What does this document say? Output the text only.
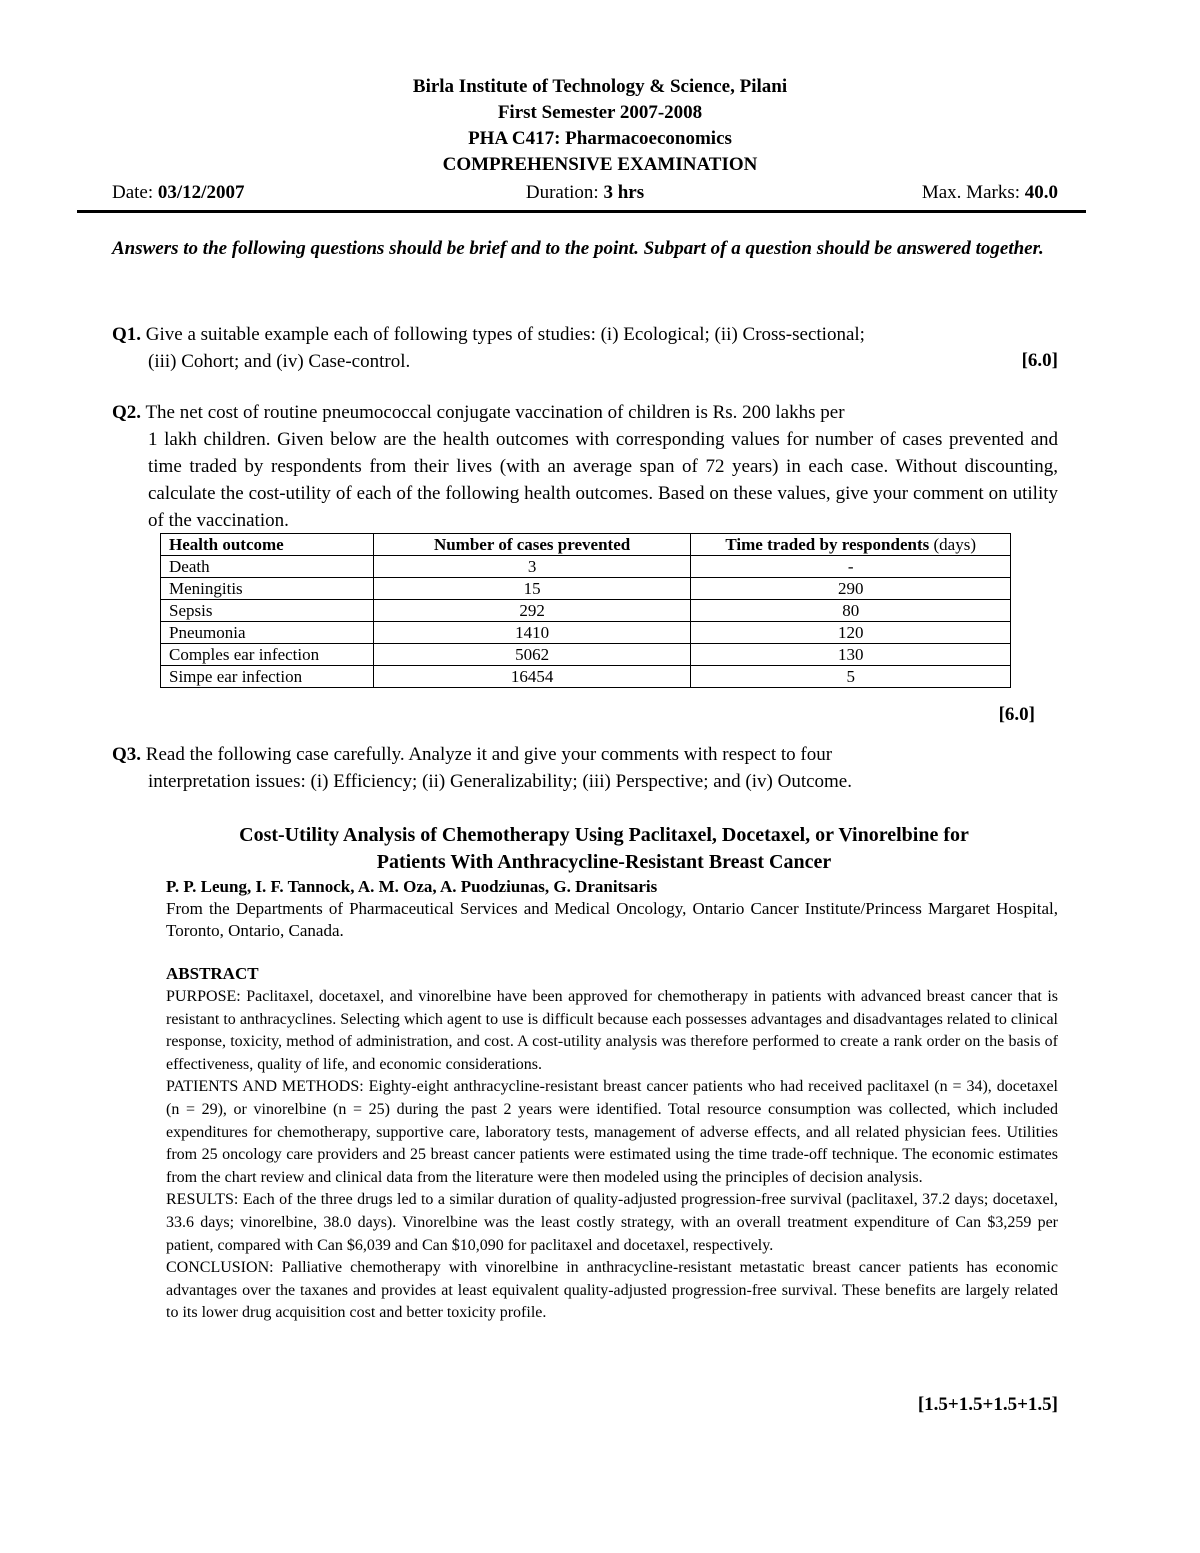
Birla Institute of Technology & Science, Pilani
First Semester 2007-2008
PHA C417: Pharmacoeconomics
COMPREHENSIVE EXAMINATION
Date: 03/12/2007	Duration: 3 hrs	Max. Marks: 40.0
Answers to the following questions should be brief and to the point. Subpart of a question should be answered together.
Q1. Give a suitable example each of following types of studies: (i) Ecological; (ii) Cross-sectional;
(iii) Cohort; and (iv) Case-control.	[6.0]
Q2. The net cost of routine pneumococcal conjugate vaccination of children is Rs. 200 lakhs per
1 lakh children. Given below are the health outcomes with corresponding values for number of cases prevented and time traded by respondents from their lives (with an average span of 72 years) in each case. Without discounting, calculate the cost-utility of each of the following health outcomes. Based on these values, give your comment on utility of the vaccination.
Health outcome	Number of cases prevented	Time traded by respondents (days)
Death	3	-
Meningitis	15	290
Sepsis	292	80
Pneumonia	1410	120
Comples ear infection	5062	130
Simpe ear infection	16454	5
[6.0]
Q3. Read the following case carefully. Analyze it and give your comments with respect to four
interpretation issues: (i) Efficiency; (ii) Generalizability; (iii) Perspective; and (iv) Outcome.
Cost-Utility Analysis of Chemotherapy Using Paclitaxel, Docetaxel, or Vinorelbine for
Patients With Anthracycline-Resistant Breast Cancer
P. P. Leung, I. F. Tannock, A. M. Oza, A. Puodziunas, G. Dranitsaris
From the Departments of Pharmaceutical Services and Medical Oncology, Ontario Cancer Institute/Princess Margaret Hospital, Toronto, Ontario, Canada.
ABSTRACT

PURPOSE: Paclitaxel, docetaxel, and vinorelbine have been approved for chemotherapy in patients with advanced breast cancer that is resistant to anthracyclines. Selecting which agent to use is difficult because each possesses advantages and disadvantages related to clinical response, toxicity, method of administration, and cost. A cost-utility analysis was therefore performed to create a rank order on the basis of effectiveness, quality of life, and economic considerations.

PATIENTS AND METHODS: Eighty-eight anthracycline-resistant breast cancer patients who had received paclitaxel (n = 34), docetaxel (n = 29), or vinorelbine (n = 25) during the past 2 years were identified. Total resource consumption was collected, which included expenditures for chemotherapy, supportive care, laboratory tests, management of adverse effects, and all related physician fees. Utilities from 25 oncology care providers and 25 breast cancer patients were estimated using the time trade-off technique. The economic estimates from the chart review and clinical data from the literature were then modeled using the principles of decision analysis.

RESULTS: Each of the three drugs led to a similar duration of quality-adjusted progression-free survival (paclitaxel, 37.2 days; docetaxel, 33.6 days; vinorelbine, 38.0 days). Vinorelbine was the least costly strategy, with an overall treatment expenditure of Can $3,259 per patient, compared with Can $6,039 and Can $10,090 for paclitaxel and docetaxel, respectively.

CONCLUSION: Palliative chemotherapy with vinorelbine in anthracycline-resistant metastatic breast cancer patients has economic advantages over the taxanes and provides at least equivalent quality-adjusted progression-free survival. These benefits are largely related to its lower drug acquisition cost and better toxicity profile.

[1.5+1.5+1.5+1.5]
